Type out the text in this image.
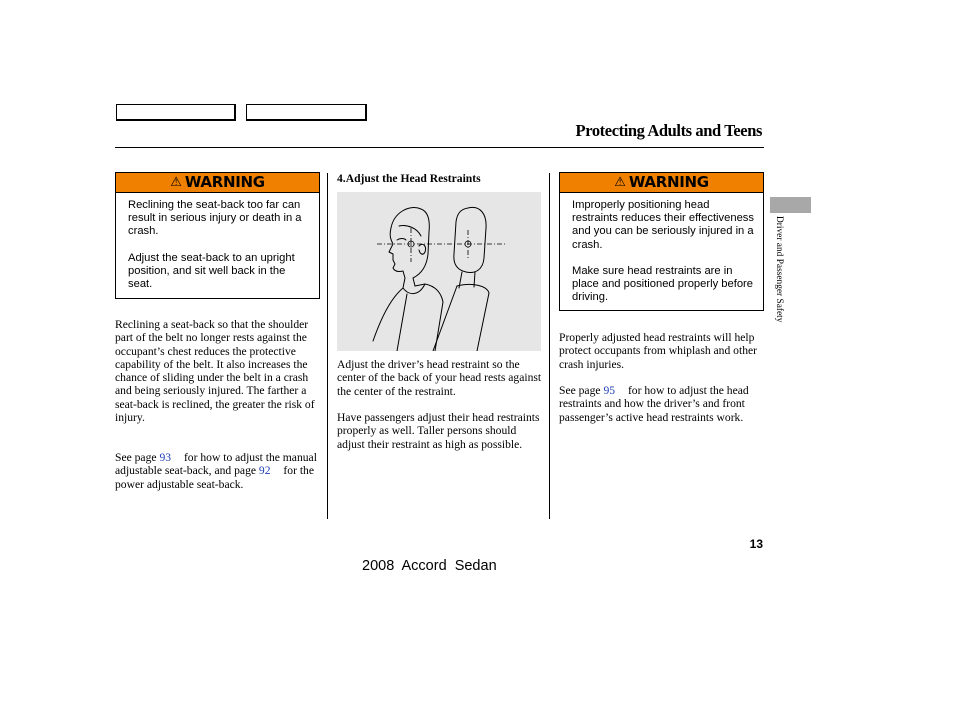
Protecting Adults and Teens
⚠ WARNING

Reclining the seat-back too far can result in serious injury or death in a crash.

Adjust the seat-back to an upright position, and sit well back in the seat.

Reclining a seat-back so that the shoulder part of the belt no longer rests against the occupant’s chest reduces the protective capability of the belt. It also increases the chance of sliding under the belt in a crash and being seriously injured. The farther a seat-back is reclined, the greater the risk of injury.
See page 93 for how to adjust the manual adjustable seat-back, and page 92 for the power adjustable seat-back.
4.Adjust the Head Restraints

Adjust the driver’s head restraint so the center of the back of your head rests against the center of the restraint.

Have passengers adjust their head restraints properly as well. Taller persons should adjust their restraint as high as possible.

⚠ WARNING

Improperly positioning head restraints reduces their effectiveness and you can be seriously injured in a crash.

Make sure head restraints are in place and positioned properly before driving.

Properly adjusted head restraints will help protect occupants from whiplash and other crash injuries.

See page 95 for how to adjust the head restraints and how the driver’s and front passenger’s active head restraints work.

Driver and Passenger Safety
13
2008  Accord  Sedan
